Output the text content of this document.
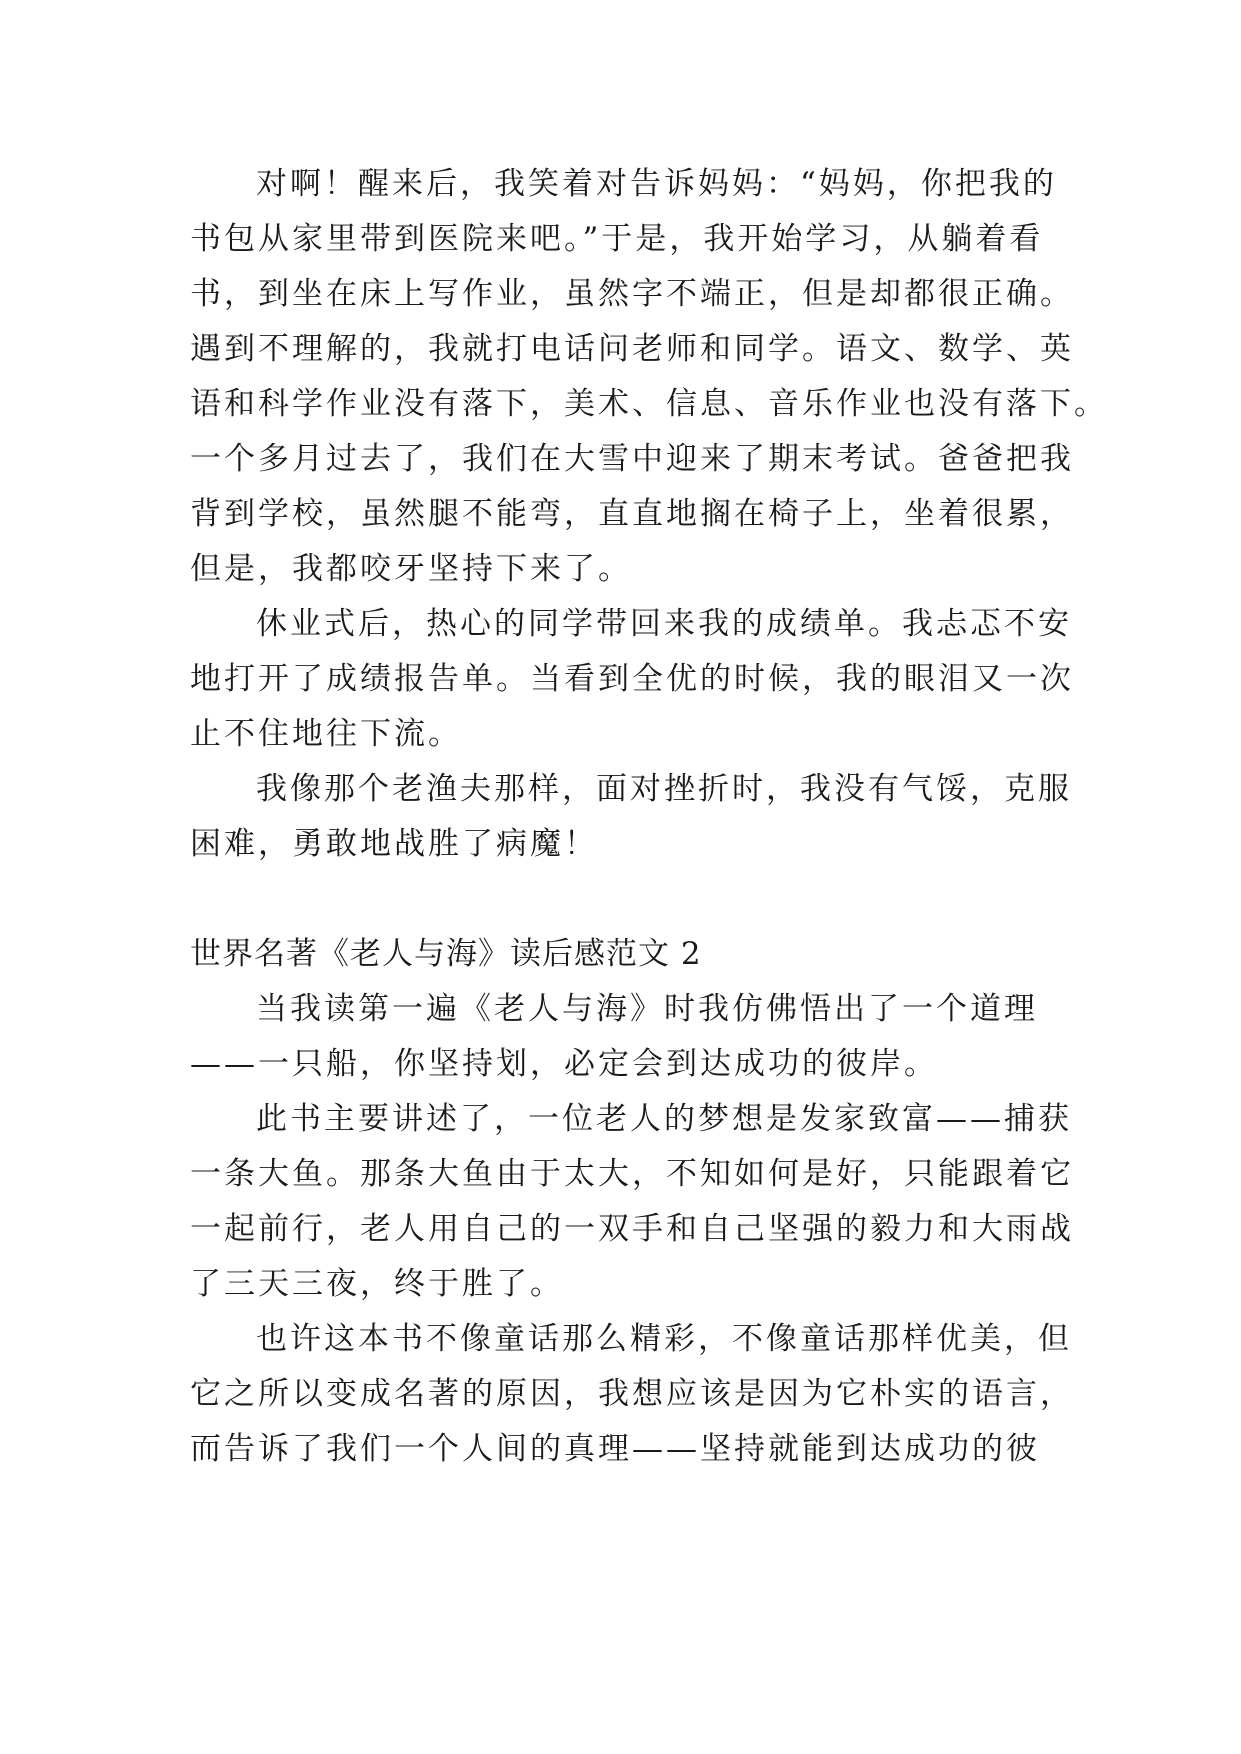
对啊！醒来后，我笑着对告诉妈妈：“妈妈，你把我的
书包从家里带到医院来吧。”于是，我开始学习，从躺着看
书，到坐在床上写作业，虽然字不端正，但是却都很正确。
遇到不理解的，我就打电话问老师和同学。语文、数学、英
语和科学作业没有落下，美术、信息、音乐作业也没有落下。
一个多月过去了，我们在大雪中迎来了期末考试。爸爸把我
背到学校，虽然腿不能弯，直直地搁在椅子上，坐着很累，
但是，我都咬牙坚持下来了。
休业式后，热心的同学带回来我的成绩单。我忐忑不安
地打开了成绩报告单。当看到全优的时候，我的眼泪又一次
止不住地往下流。
我像那个老渔夫那样，面对挫折时，我没有气馁，克服
困难，勇敢地战胜了病魔！
世界名著《老人与海》读后感范文 2
当我读第一遍《老人与海》时我仿佛悟出了一个道理
——一只船，你坚持划，必定会到达成功的彼岸。
此书主要讲述了，一位老人的梦想是发家致富——捕获
一条大鱼。那条大鱼由于太大，不知如何是好，只能跟着它
一起前行，老人用自己的一双手和自己坚强的毅力和大雨战
了三天三夜，终于胜了。
也许这本书不像童话那么精彩，不像童话那样优美，但
它之所以变成名著的原因，我想应该是因为它朴实的语言，
而告诉了我们一个人间的真理——坚持就能到达成功的彼
